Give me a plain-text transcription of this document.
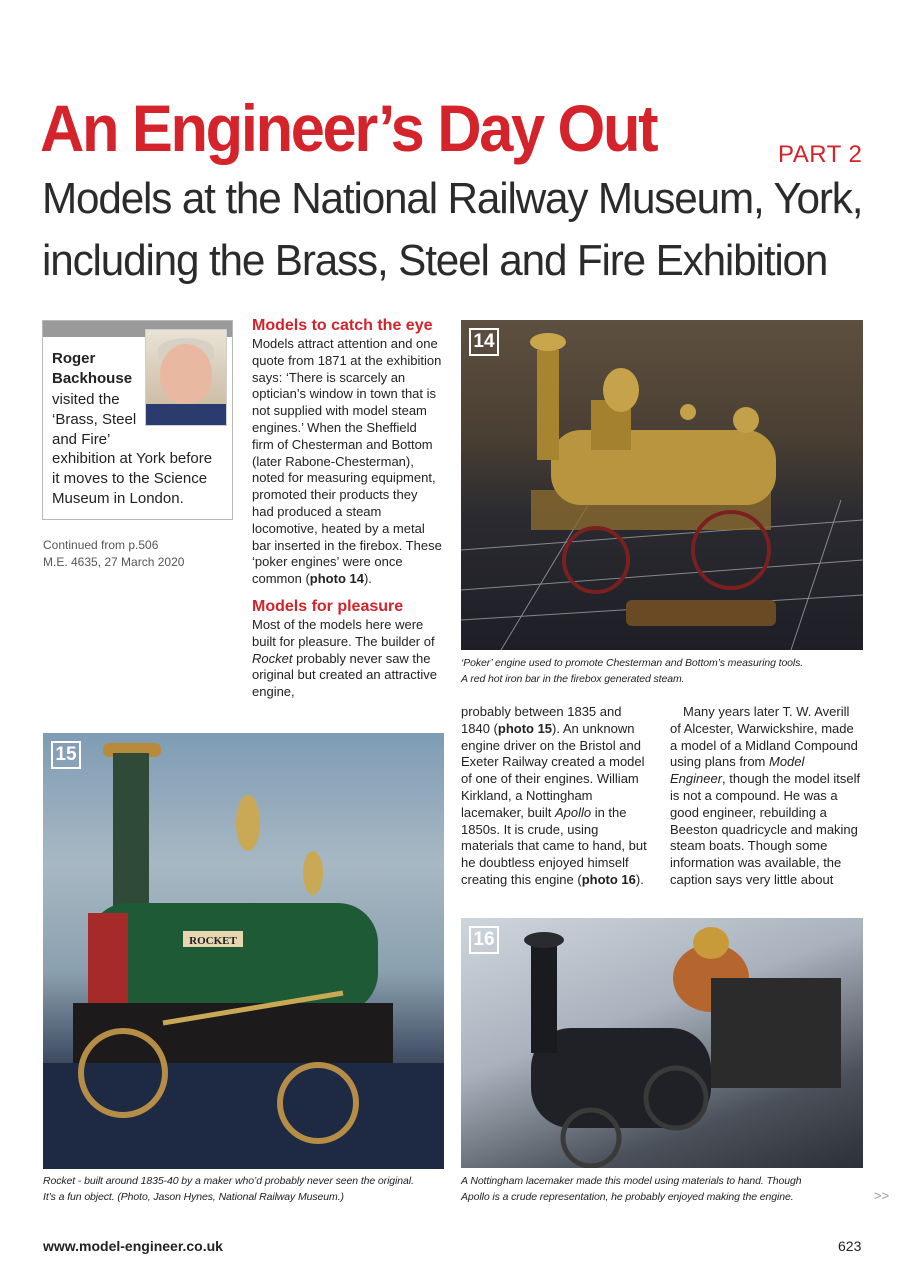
An Engineer’s Day Out	PART 2
Models at the National Railway Museum, York,
including the Brass, Steel and Fire Exhibition
Roger
Backhouse
visited the
‘Brass, Steel
and Fire’
exhibition at York before
it moves to the Science
Museum in London.
Continued from p.506
M.E. 4635, 27 March 2020
Models to catch the eye
Models attract attention and one quote from 1871 at the exhibition says: ‘There is scarcely an optician’s window in town that is not supplied with model steam engines.’ When the Sheffield firm of Chesterman and Bottom (later Rabone-Chesterman), noted for measuring equipment, promoted their products they had produced a steam locomotive, heated by a metal bar inserted in the firebox. These ‘poker engines’ were once common (photo 14).
Models for pleasure
Most of the models here were built for pleasure. The builder of Rocket probably never saw the original but created an attractive engine,
14
‘Poker’ engine used to promote Chesterman and Bottom’s measuring tools.
A red hot iron bar in the firebox generated steam.
probably between 1835 and 1840 (photo 15). An unknown engine driver on the Bristol and Exeter Railway created a model of one of their engines. William Kirkland, a Nottingham lacemaker, built Apollo in the 1850s. It is crude, using materials that came to hand, but he doubtless enjoyed himself creating this engine (photo 16).
Many years later T. W. Averill of Alcester, Warwickshire, made a model of a Midland Compound using plans from Model Engineer, though the model itself is not a compound. He was a good engineer, rebuilding a Beeston quadricycle and making steam boats. Though some information was available, the caption says very little about
ROCKET
15
Rocket - built around 1835-40 by a maker who’d probably never seen the original.
It’s a fun object. (Photo, Jason Hynes, National Railway Museum.)
16
A Nottingham lacemaker made this model using materials to hand. Though
Apollo is a crude representation, he probably enjoyed making the engine.	>>
www.model-engineer.co.uk	623
